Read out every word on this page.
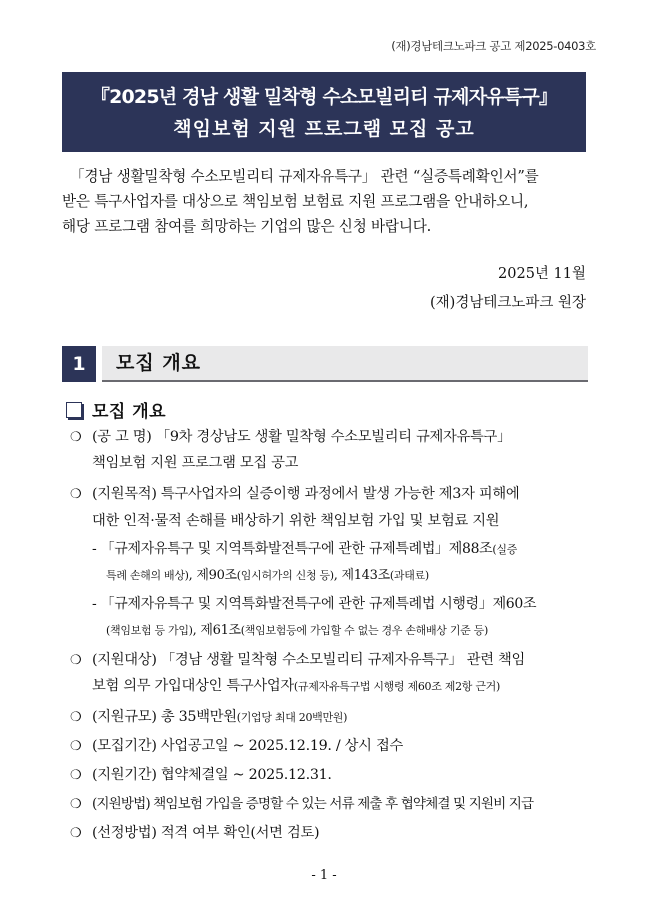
(재)경남테크노파크 공고 제2025-0403호
『2025년 경남 생활 밀착형 수소모빌리티 규제자유특구』
책임보험 지원 프로그램 모집 공고
「경남 생활밀착형 수소모빌리티 규제자유특구」 관련 “실증특례확인서”를
받은 특구사업자를 대상으로 책임보험 보험료 지원 프로그램을 안내하오니,
해당 프로그램 참여를 희망하는 기업의 많은 신청 바랍니다.
2025년 11월
(재)경남테크노파크 원장
1	모집 개요
모집 개요
❍ (공 고 명) 「9차 경상남도 생활 밀착형 수소모빌리티 규제자유특구」
책임보험 지원 프로그램 모집 공고
❍ (지원목적) 특구사업자의 실증이행 과정에서 발생 가능한 제3자 피해에
대한 인적·물적 손해를 배상하기 위한 책임보험 가입 및 보험료 지원
- 「규제자유특구 및 지역특화발전특구에 관한 규제특례법」제88조(실증
특례 손해의 배상), 제90조(임시허가의 신청 등), 제143조(과태료)
- 「규제자유특구 및 지역특화발전특구에 관한 규제특례법 시행령」제60조
(책임보험 등 가입), 제61조(책임보험등에 가입할 수 없는 경우 손해배상 기준 등)
❍ (지원대상) 「경남 생활 밀착형 수소모빌리티 규제자유특구」 관련 책임
보험 의무 가입대상인 특구사업자(규제자유특구법 시행령 제60조 제2항 근거)
❍ (지원규모) 총 35백만원(기업당 최대 20백만원)
❍ (모집기간) 사업공고일 ~ 2025.12.19. / 상시 접수
❍ (지원기간) 협약체결일 ~ 2025.12.31.
❍ (지원방법) 책임보험 가입을 증명할 수 있는 서류 제출 후 협약체결 및 지원비 지급
❍ (선정방법) 적격 여부 확인(서면 검토)
- 1 -
